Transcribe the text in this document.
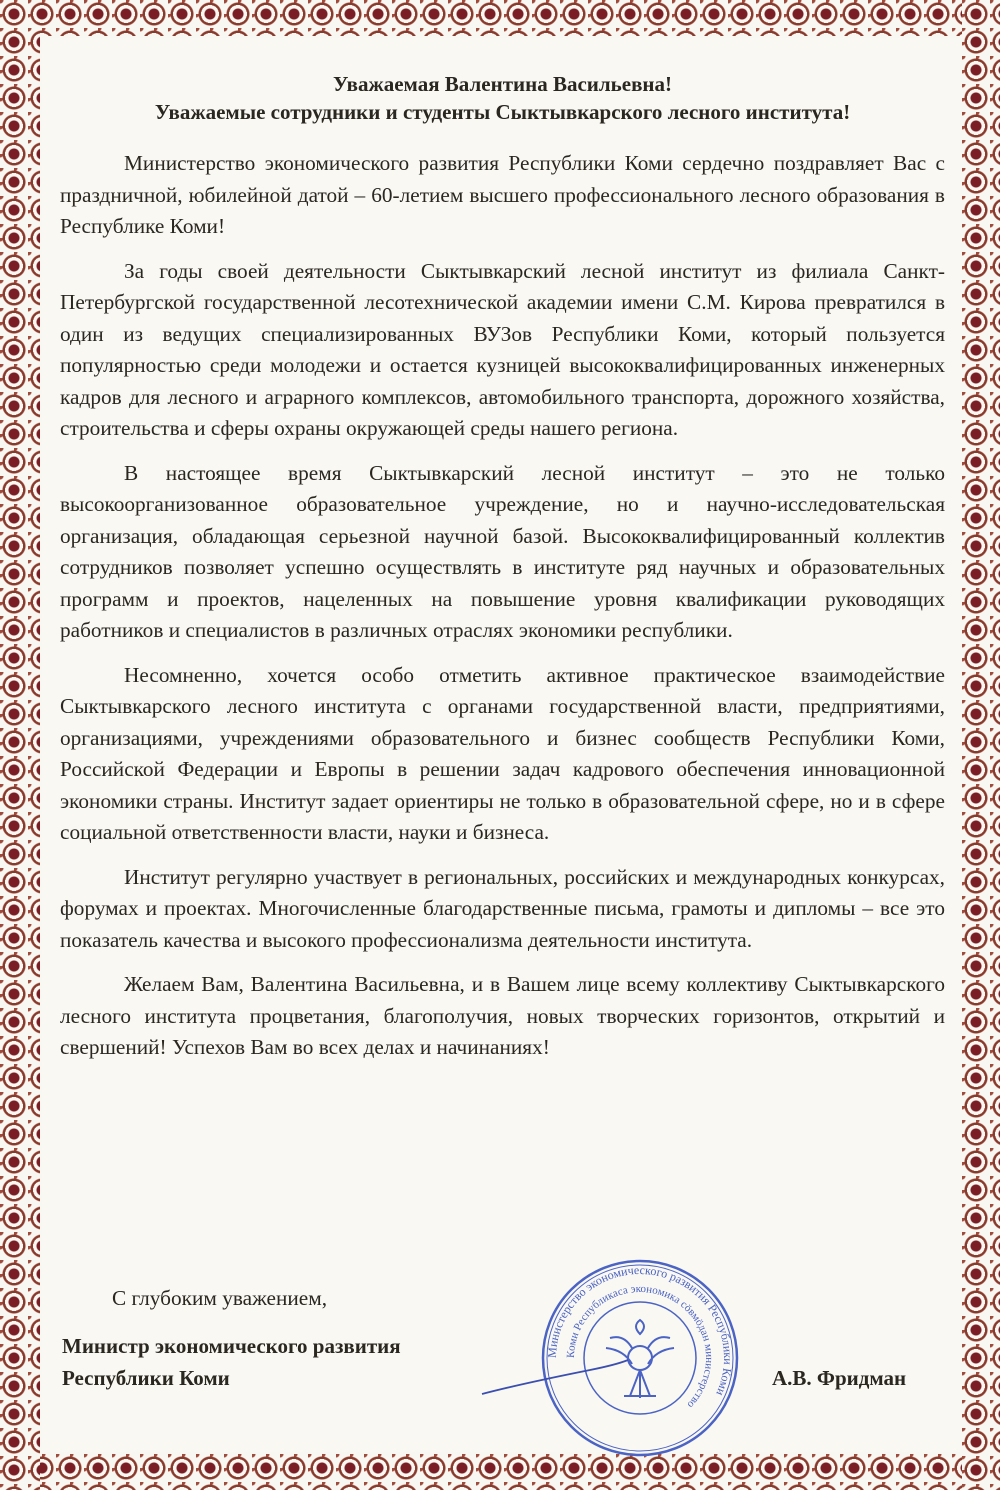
Уважаемая Валентина Васильевна!

Уважаемые сотрудники и студенты Сыктывкарского лесного института!

Министерство экономического развития Республики Коми сердечно поздравляет Вас с праздничной, юбилейной датой – 60-летием высшего профессионального лесного образования в Республике Коми!

За годы своей деятельности Сыктывкарский лесной институт из филиала Санкт-Петербургской государственной лесотехнической академии имени С.М. Кирова превратился в один из ведущих специализированных ВУЗов Республики Коми, который пользуется популярностью среди молодежи и остается кузницей высококвалифицированных инженерных кадров для лесного и аграрного комплексов, автомобильного транспорта, дорожного хозяйства, строительства и сферы охраны окружающей среды нашего региона.

В настоящее время Сыктывкарский лесной институт – это не только высокоорганизованное образовательное учреждение, но и научно-исследовательская организация, обладающая серьезной научной базой. Высококвалифицированный коллектив сотрудников позволяет успешно осуществлять в институте ряд научных и образовательных программ и проектов, нацеленных на повышение уровня квалификации руководящих работников и специалистов в различных отраслях экономики республики.

Несомненно, хочется особо отметить активное практическое взаимодействие Сыктывкарского лесного института с органами государственной власти, предприятиями, организациями, учреждениями образовательного и бизнес сообществ Республики Коми, Российской Федерации и Европы в решении задач кадрового обеспечения инновационной экономики страны. Институт задает ориентиры не только в образовательной сфере, но и в сфере социальной ответственности власти, науки и бизнеса.

Институт регулярно участвует в региональных, российских и международных конкурсах, форумах и проектах. Многочисленные благодарственные письма, грамоты и дипломы – все это показатель качества и высокого профессионализма деятельности института.

Желаем Вам, Валентина Васильевна, и в Вашем лице всему коллективу Сыктывкарского лесного института процветания, благополучия, новых творческих горизонтов, открытий и свершений! Успехов Вам во всех делах и начинаниях!

С глубоким уважением,
Министр экономического развития
Республики Коми	А.В. Фридман
Министерство экономического развития Республики Коми
Коми Республикаса экономика сöвмöдан министерство
